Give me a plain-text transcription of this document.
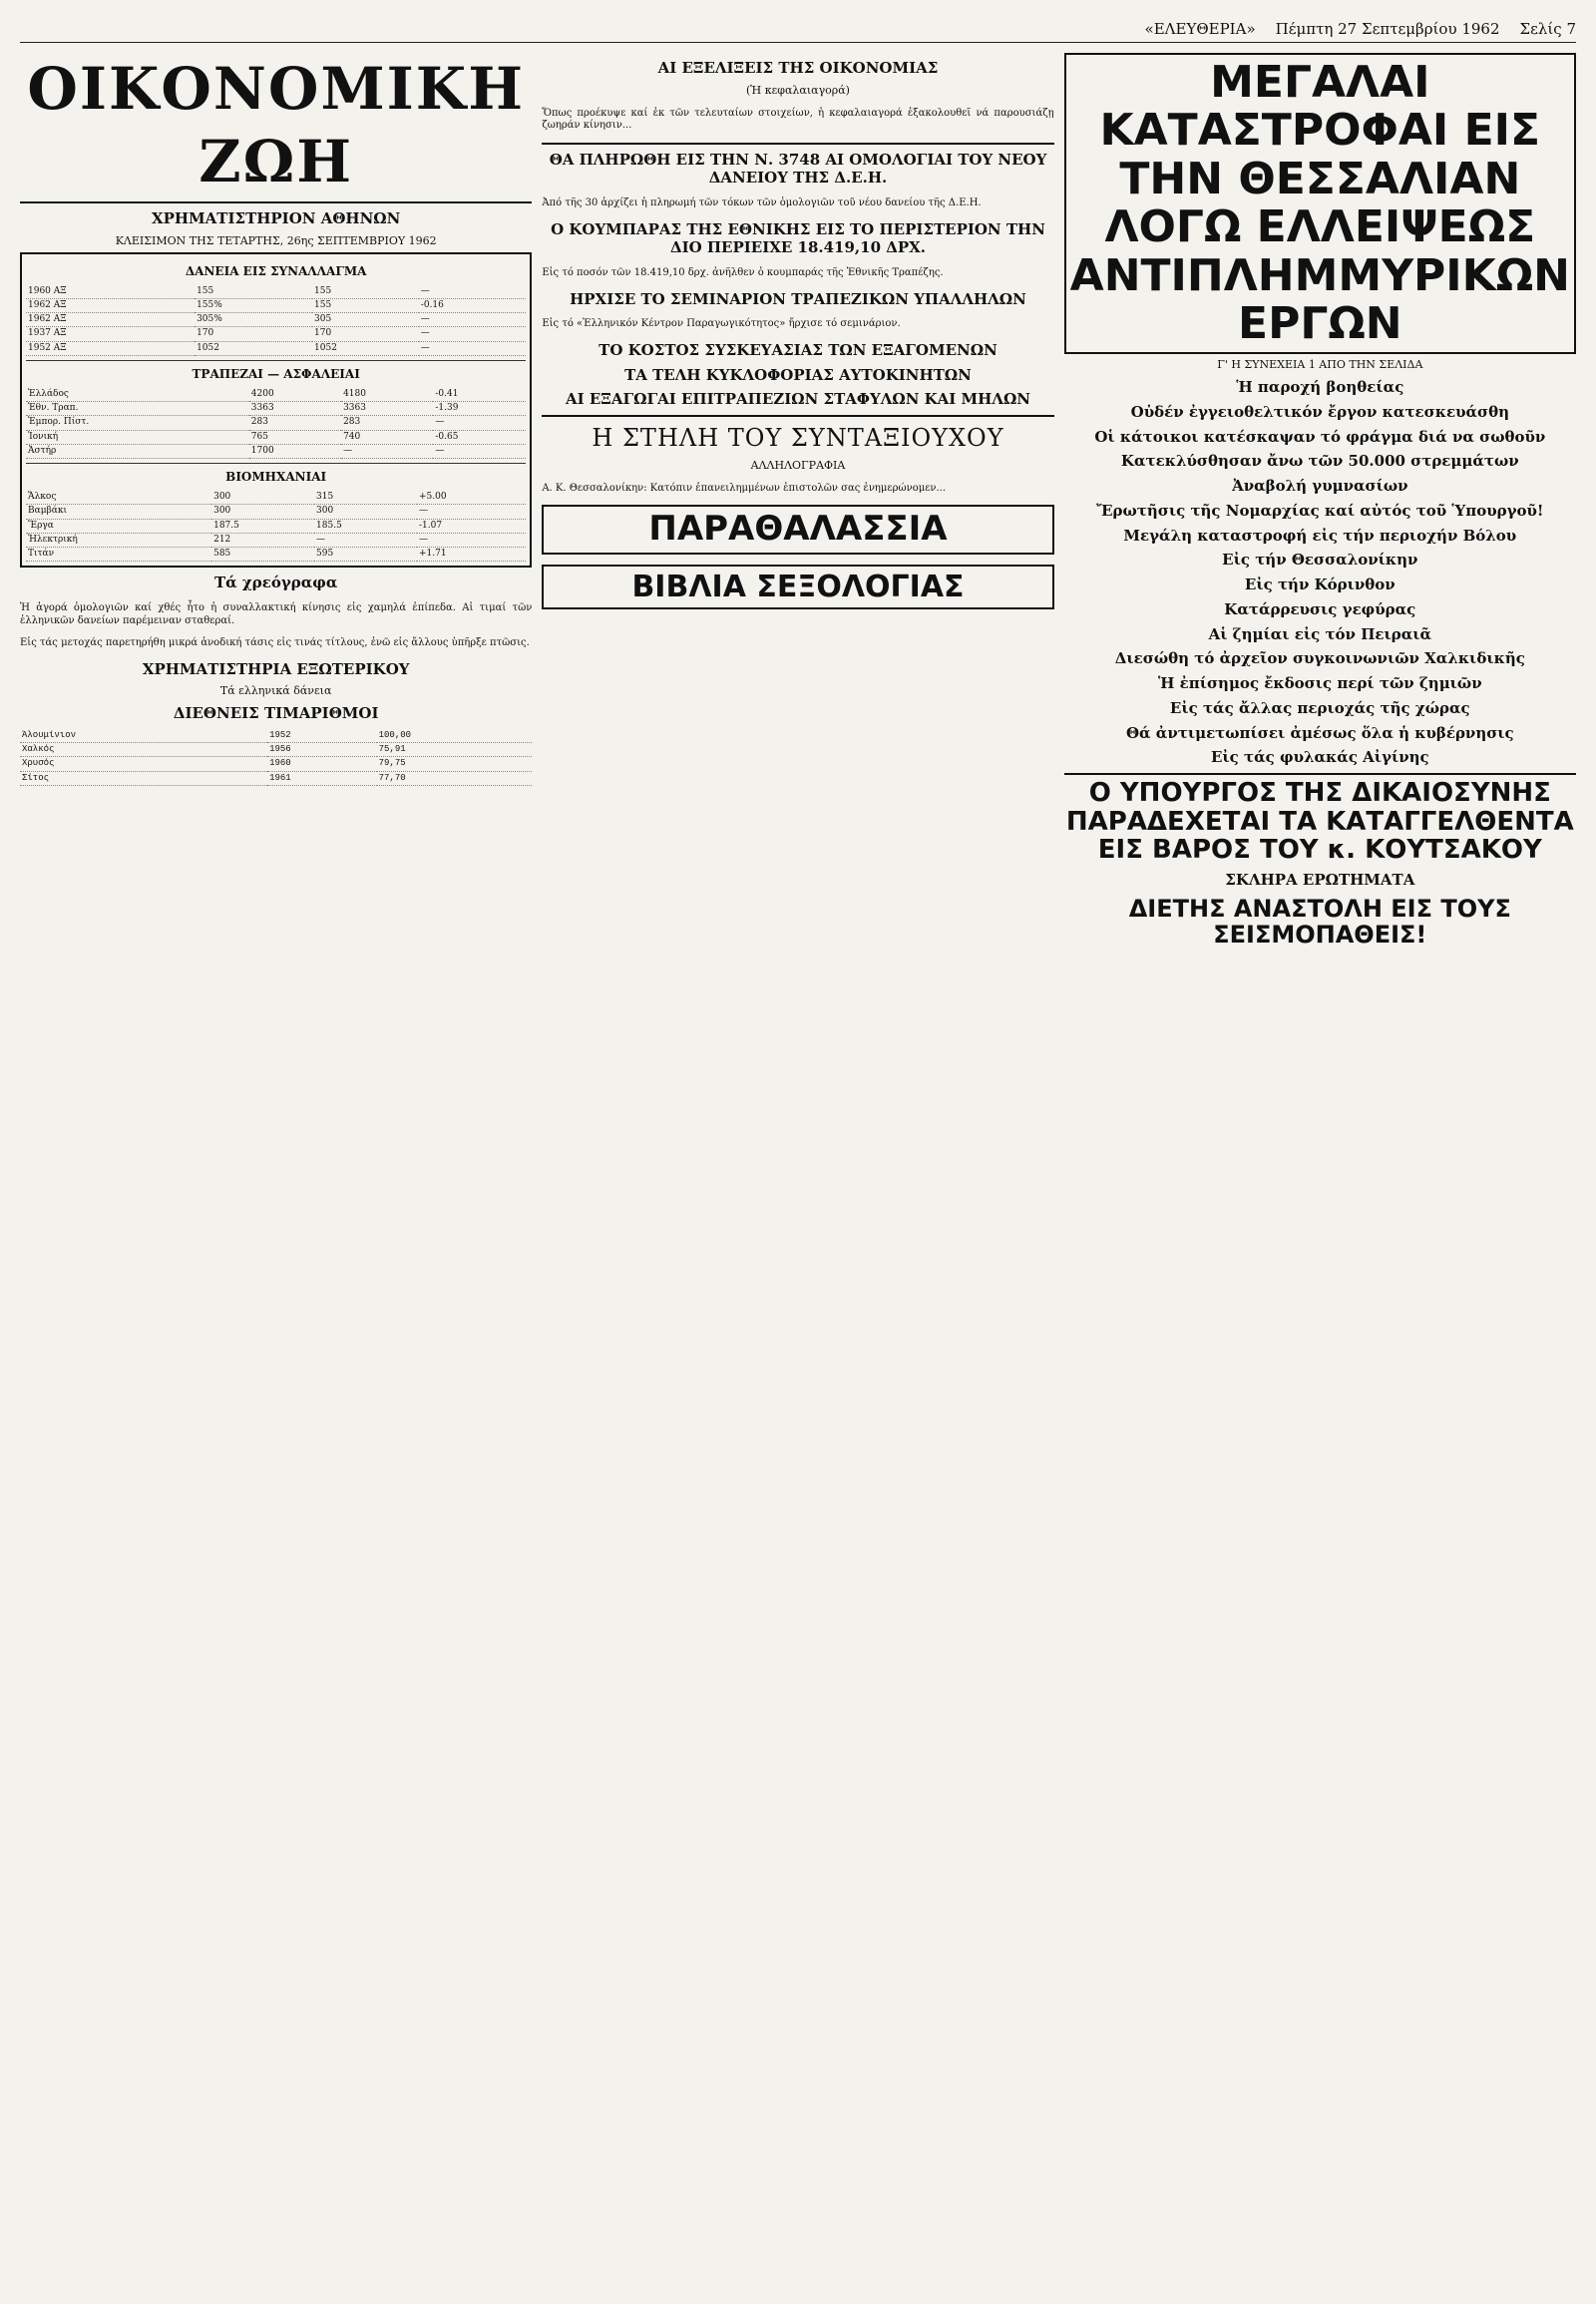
«ΕΛΕΥΘΕΡΙΑ» Πέμπτη 27 Σεπτεμβρίου 1962 Σελίς 7
ΟΙΚΟΝΟΜΙΚΗ ΖΩΗ
ΧΡΗΜΑΤΙΣΤΗΡΙΟΝ ΑΘΗΝΩΝ
ΚΛΕΙΣΙΜΟΝ ΤΗΣ ΤΕΤΑΡΤΗΣ, 26ης ΣΕΠΤΕΜΒΡΙΟΥ 1962
ΔΑΝΕΙΑ ΕΙΣ ΣΥΝΑΛΛΑΓΜΑ
1960 ΑΞ	155	155	—
1962 ΑΞ	155%	155	-0.16
1962 ΑΞ	305%	305	—
1937 ΑΞ	170	170	—
1952 ΑΞ	1052	1052	—
ΤΡΑΠΕΖΑΙ — ΑΣΦΑΛΕΙΑΙ
Ἑλλάδος	4200	4180	-0.41
Ἐθν. Τραπ.	3363	3363	-1.39
Ἐμπορ. Πίστ.	283	283	—
Ἰονική	765	740	-0.65
Ἀστήρ	1700	—	—
ΒΙΟΜΗΧΑΝΙΑΙ
Ἄλκος	300	315	+5.00
Βαμβάκι	300	300	—
Ἔργα	187.5	185.5	-1.07
Ἠλεκτρική	212	—	—
Τιτάν	585	595	+1.71
Τά χρεόγραφα

Ἡ ἀγορά ὁμολογιῶν καί χθές ἦτο ἡ συναλλακτική κίνησις εἰς χαμηλά ἐπίπεδα. Αἱ τιμαί τῶν ἑλληνικῶν δανείων παρέμειναν σταθεραί.

Εἰς τάς μετοχάς παρετηρήθη μικρά ἀνοδική τάσις εἰς τινάς τίτλους, ἐνῶ εἰς ἄλλους ὑπῆρξε πτῶσις.

ΧΡΗΜΑΤΙΣΤΗΡΙΑ ΕΞΩΤΕΡΙΚΟΥ
Τά ελληνικά δάνεια
ΔΙΕΘΝΕΙΣ ΤΙΜΑΡΙΘΜΟΙ
Ἀλουμίνιον	1952	100,00
Χαλκός	1956	75,91
Χρυσός	1960	79,75
Σίτος	1961	77,70
ΑΙ ΕΞΕΛΙΞΕΙΣ ΤΗΣ ΟΙΚΟΝΟΜΙΑΣ
(Ἡ κεφαλαιαγορά)

Ὅπως προέκυψε καί ἐκ τῶν τελευταίων στοιχείων, ἡ κεφαλαιαγορά ἐξακολουθεῖ νά παρουσιάζῃ ζωηράν κίνησιν...

ΘΑ ΠΛΗΡΩΘΗ ΕΙΣ ΤΗΝ Ν. 3748 ΑΙ ΟΜΟΛΟΓΙΑΙ ΤΟΥ ΝΕΟΥ ΔΑΝΕΙΟΥ ΤΗΣ Δ.Ε.Η.

Ἀπό τῆς 30 ἀρχίζει ἡ πληρωμή τῶν τόκων τῶν ὁμολογιῶν τοῦ νέου δανείου τῆς Δ.Ε.Η.

Ο ΚΟΥΜΠΑΡΑΣ ΤΗΣ ΕΘΝΙΚΗΣ ΕΙΣ ΤΟ ΠΕΡΙΣΤΕΡΙΟΝ ΤΗΝ ΔΙΟ ΠΕΡΙΕΙΧΕ 18.419,10 ΔΡΧ.

Εἰς τό ποσόν τῶν 18.419,10 δρχ. ἀνῆλθεν ὁ κουμπαράς τῆς Ἐθνικῆς Τραπέζης.

ΗΡΧΙΣΕ ΤΟ ΣΕΜΙΝΑΡΙΟΝ ΤΡΑΠΕΖΙΚΩΝ ΥΠΑΛΛΗΛΩΝ

Εἰς τό «Ἑλληνικόν Κέντρον Παραγωγικότητος» ἤρχισε τό σεμινάριον.

ΤΟ ΚΟΣΤΟΣ ΣΥΣΚΕΥΑΣΙΑΣ ΤΩΝ ΕΞΑΓΟΜΕΝΩΝ
ΤΑ ΤΕΛΗ ΚΥΚΛΟΦΟΡΙΑΣ ΑΥΤΟΚΙΝΗΤΩΝ
ΑΙ ΕΞΑΓΩΓΑΙ ΕΠΙΤΡΑΠΕΖΙΩΝ ΣΤΑΦΥΛΩΝ ΚΑΙ ΜΗΛΩΝ
Η ΣΤΗΛΗ ΤΟΥ ΣΥΝΤΑΞΙΟΥΧΟΥ
ΑΛΛΗΛΟΓΡΑΦΙΑ

Α. Κ. Θεσσαλονίκην: Κατόπιν ἐπανειλημμένων ἐπιστολῶν σας ἐνημερώνομεν...

ΠΑΡΑΘΑΛΑΣΣΙΑ
ΒΙΒΛΙΑ ΣΕΞΟΛΟΓΙΑΣ
ΜΕΓΑΛΑΙ ΚΑΤΑΣΤΡΟΦΑΙ ΕΙΣ ΤΗΝ ΘΕΣΣΑΛΙΑΝ ΛΟΓΩ ΕΛΛΕΙΨΕΩΣ ΑΝΤΙΠΛΗΜΜΥΡΙΚΩΝ ΕΡΓΩΝ
Γ' Η ΣΥΝΕΧΕΙΑ 1 ΑΠΟ ΤΗΝ ΣΕΛΙΔΑ
Ἡ παροχή βοηθείας
Οὐδέν ἐγγειοθελτικόν ἔργον κατεσκευάσθη
Οἱ κάτοικοι κατέσκαψαν τό φράγμα διά να σωθοῦν
Κατεκλύσθησαν ἄνω τῶν 50.000 στρεμμάτων
Ἀναβολή γυμνασίων
Ἔρωτῆσις τῆς Νομαρχίας καί αὐτός τοῦ Ὑπουργοῦ!
Μεγάλη καταστροφή εἰς τήν περιοχήν Βόλου
Εἰς τήν Θεσσαλονίκην
Εἰς τήν Κόρινθον
Κατάρρευσις γεφύρας
Αἱ ζημίαι εἰς τόν Πειραιᾶ
Διεσώθη τό ἀρχεῖον συγκοινωνιῶν Χαλκιδικῆς
Ἡ ἐπίσημος ἔκδοσις περί τῶν ζημιῶν
Εἰς τάς ἄλλας περιοχάς τῆς χώρας
Θά ἀντιμετωπίσει ἀμέσως ὅλα ἡ κυβέρνησις
Εἰς τάς φυλακάς Αἰγίνης
Ο ΥΠΟΥΡΓΟΣ ΤΗΣ ΔΙΚΑΙΟΣΥΝΗΣ ΠΑΡΑΔΕΧΕΤΑΙ ΤΑ ΚΑΤΑΓΓΕΛΘΕΝΤΑ ΕΙΣ ΒΑΡΟΣ ΤΟΥ κ. ΚΟΥΤΣΑΚΟΥ
ΣΚΛΗΡΑ ΕΡΩΤΗΜΑΤΑ
ΔΙΕΤΗΣ ΑΝΑΣΤΟΛΗ ΕΙΣ ΤΟΥΣ ΣΕΙΣΜΟΠΑΘΕΙΣ!
